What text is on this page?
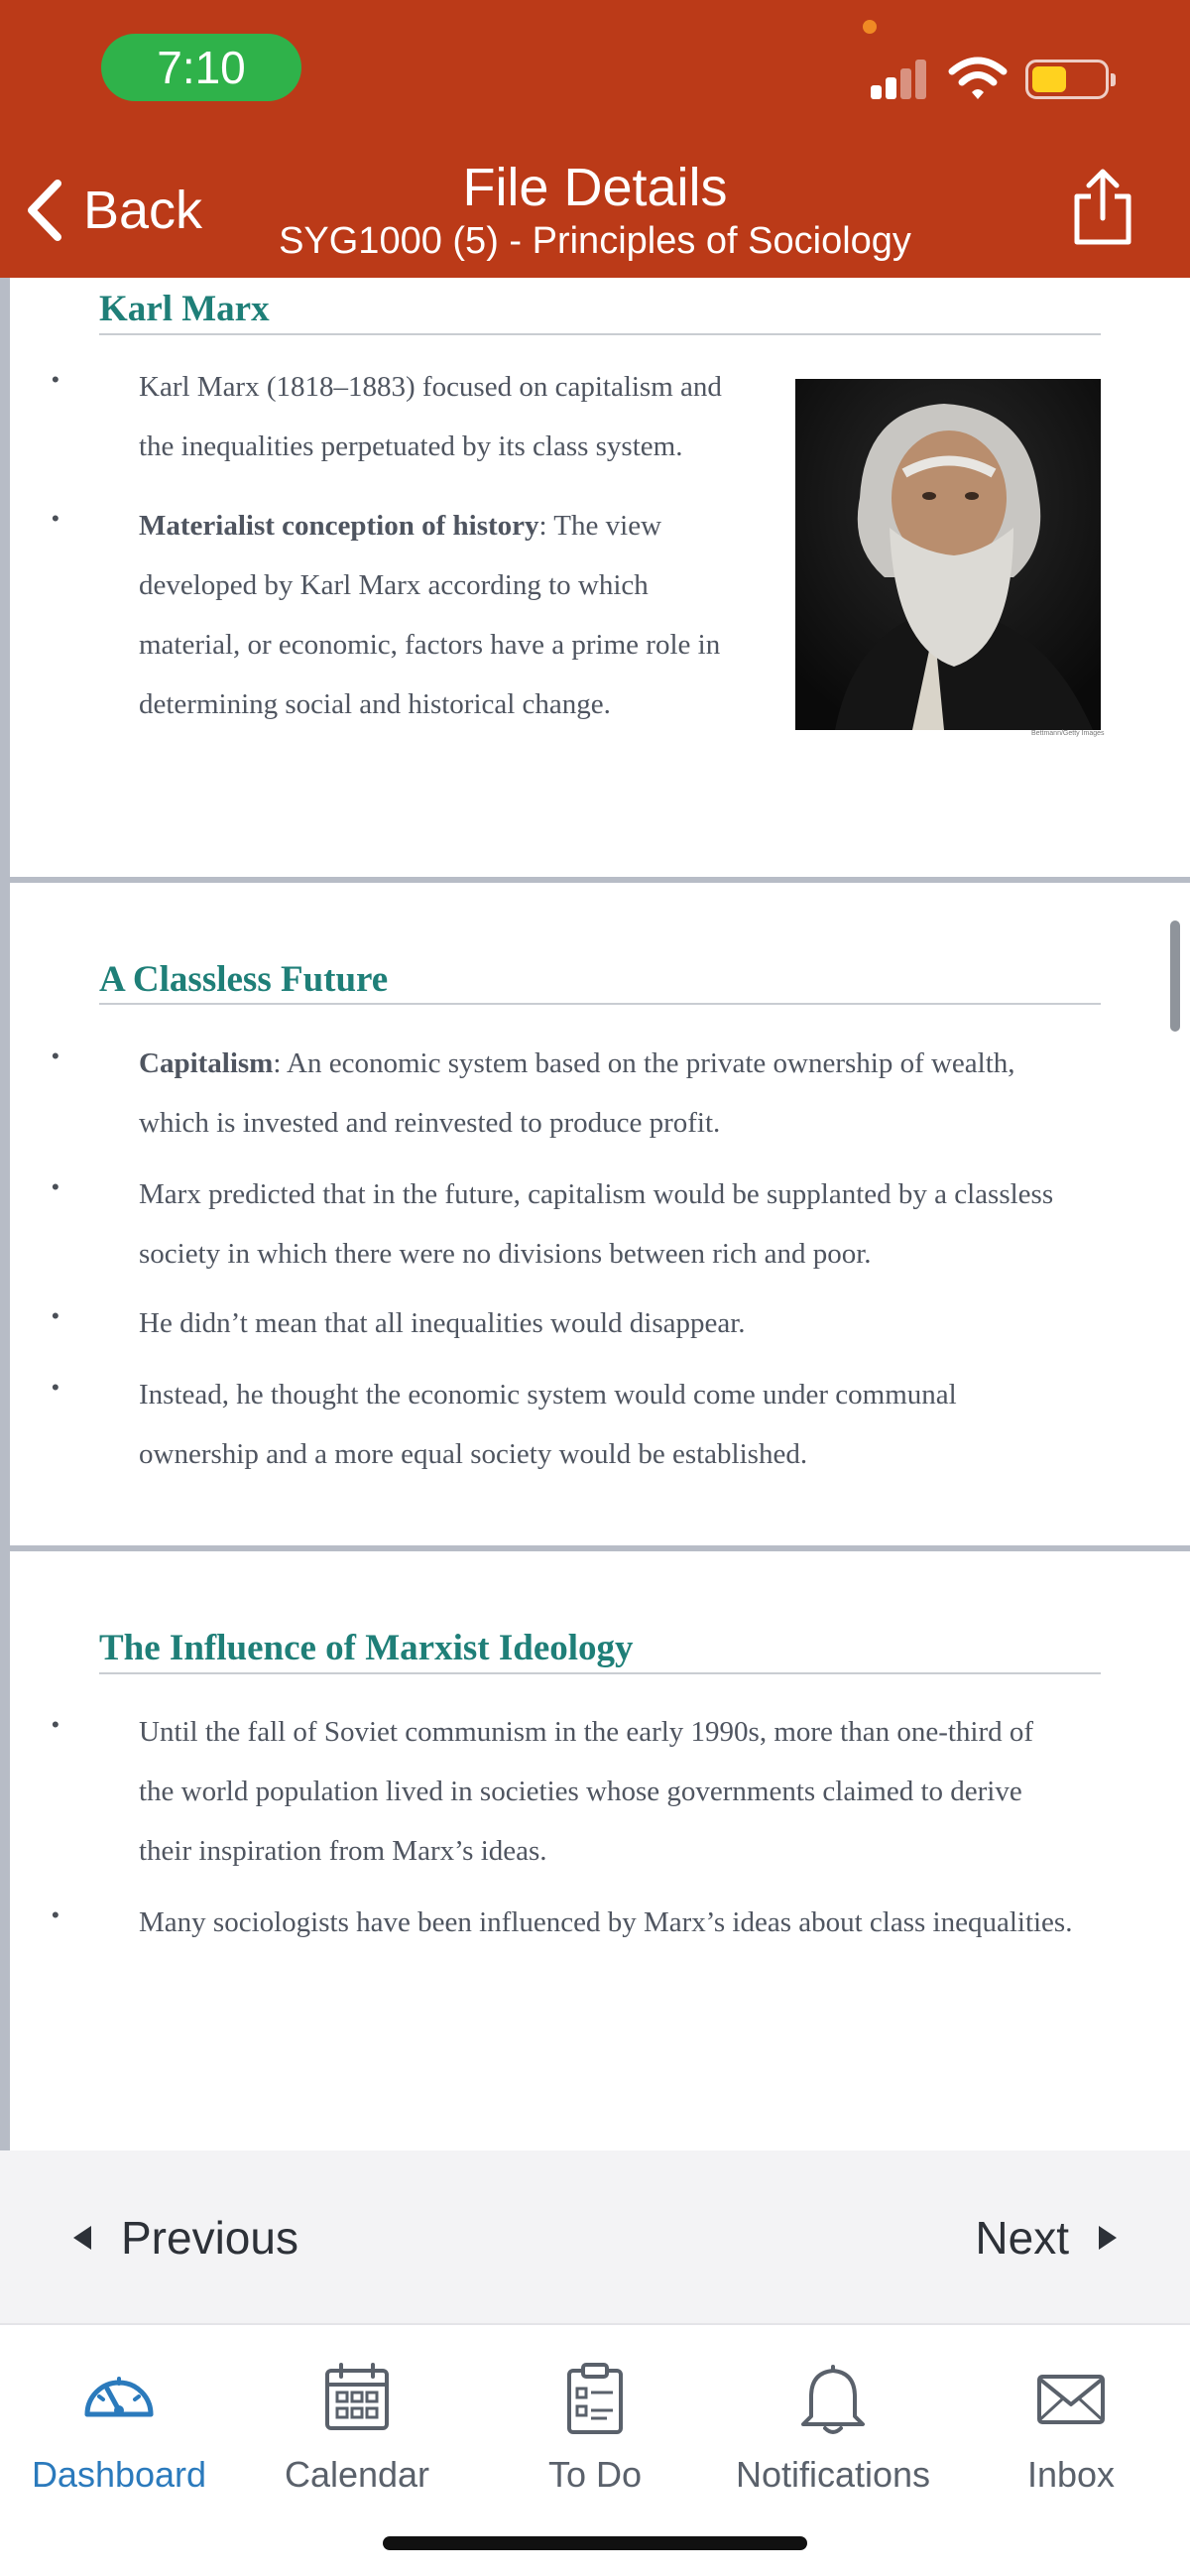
7:10
Back	File Details
SYG1000 (5) - Principles of Sociology
Karl Marx
•	Karl Marx (1818–1883) focused on capitalism and
the inequalities perpetuated by its class system.
•	Materialist conception of history: The view
developed by Karl Marx according to which
material, or economic, factors have a prime role in
determining social and historical change.
Bettmann/Getty Images
A Classless Future
•	Capitalism: An economic system based on the private ownership of wealth,
which is invested and reinvested to produce profit.
•	Marx predicted that in the future, capitalism would be supplanted by a classless
society in which there were no divisions between rich and poor.
•	He didn’t mean that all inequalities would disappear.
•	Instead, he thought the economic system would come under communal
ownership and a more equal society would be established.
The Influence of Marxist Ideology
•	Until the fall of Soviet communism in the early 1990s, more than one-third of
the world population lived in societies whose governments claimed to derive
their inspiration from Marx’s ideas.
•	Many sociologists have been influenced by Marx’s ideas about class inequalities.
Previous	Next
Dashboard	Calendar	To Do	Notifications	Inbox
